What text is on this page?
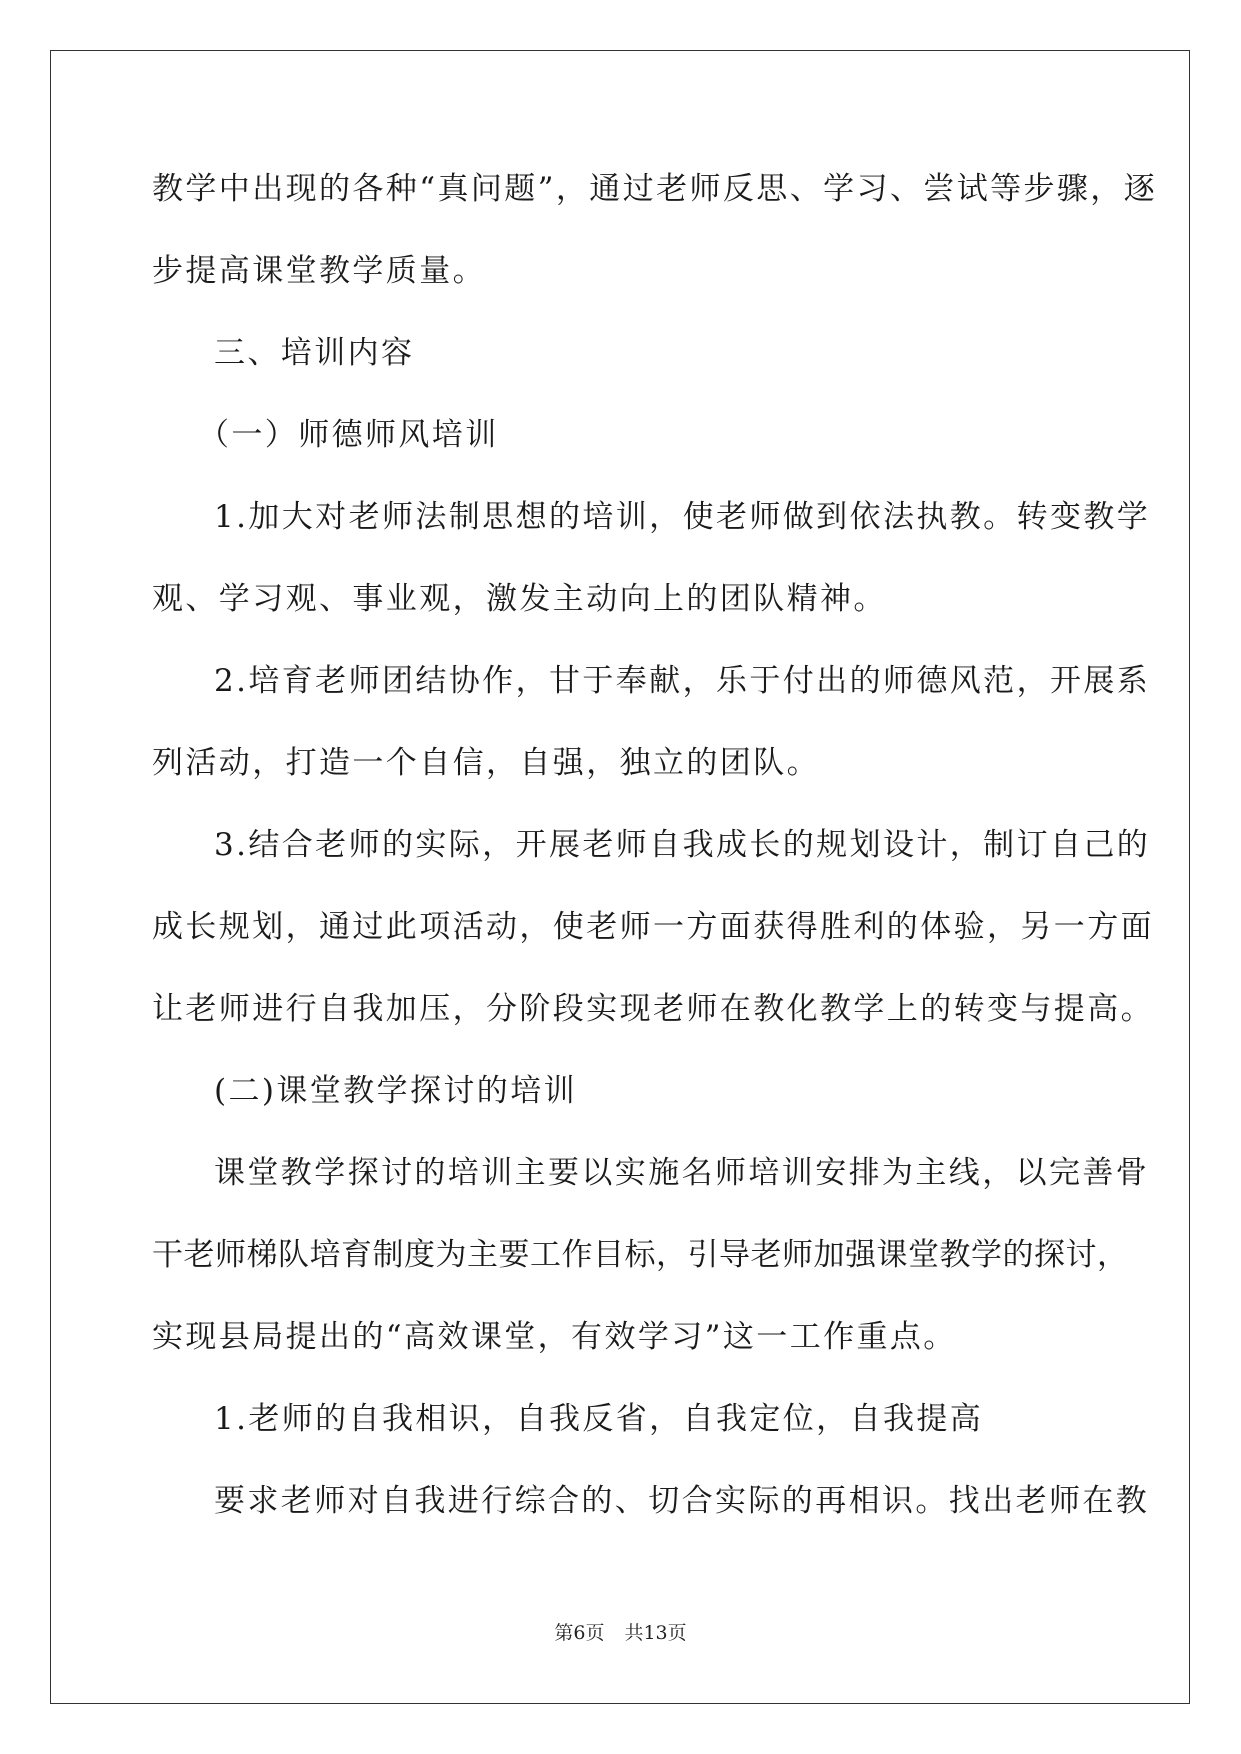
教学中出现的各种“真问题”，通过老师反思、学习、尝试等步骤，逐
步提高课堂教学质量。
三、培训内容
（一）师德师风培训
1.加大对老师法制思想的培训，使老师做到依法执教。转变教学
观、学习观、事业观，激发主动向上的团队精神。
2.培育老师团结协作，甘于奉献，乐于付出的师德风范，开展系
列活动，打造一个自信，自强，独立的团队。
3.结合老师的实际，开展老师自我成长的规划设计，制订自己的
成长规划，通过此项活动，使老师一方面获得胜利的体验，另一方面
让老师进行自我加压，分阶段实现老师在教化教学上的转变与提高。
(二)课堂教学探讨的培训
课堂教学探讨的培训主要以实施名师培训安排为主线，以完善骨
干老师梯队培育制度为主要工作目标，引导老师加强课堂教学的探讨，
实现县局提出的“高效课堂，有效学习”这一工作重点。
1.老师的自我相识，自我反省，自我定位，自我提高
要求老师对自我进行综合的、切合实际的再相识。找出老师在教
第6页 共13页
